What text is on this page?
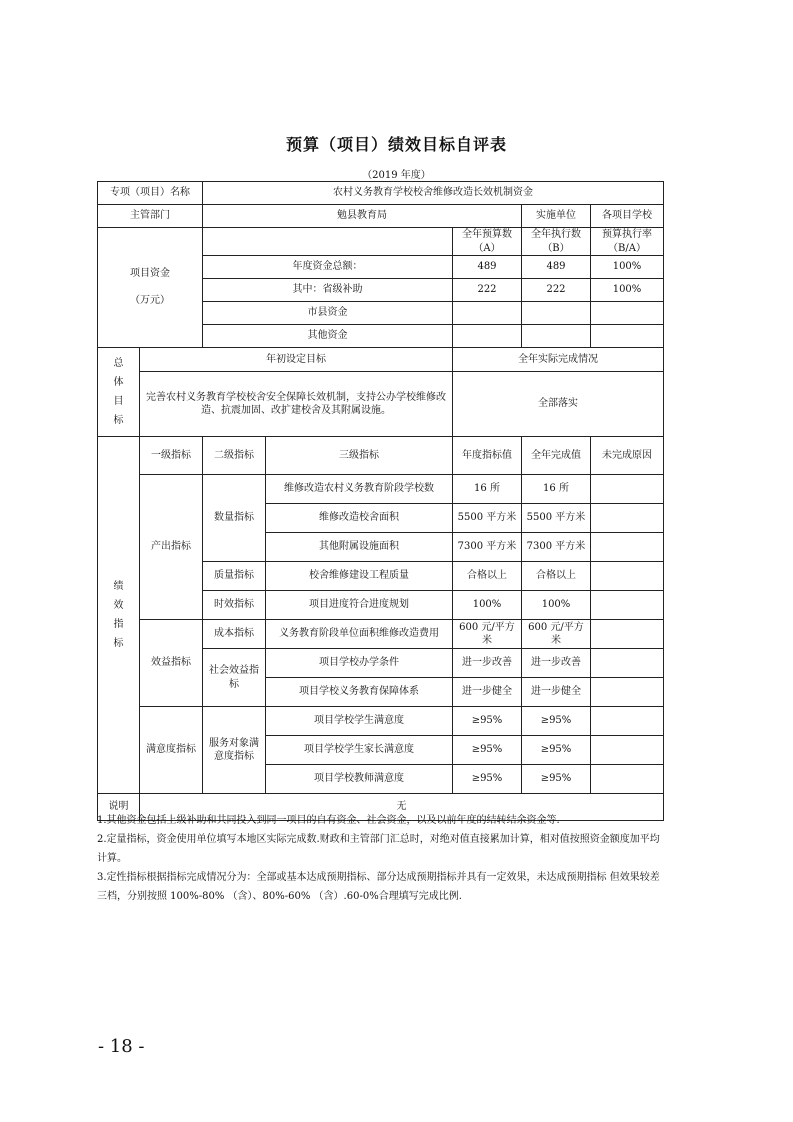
预算（项目）绩效目标自评表
（2019 年度）
专项（项目）名称		农村义务教育学校校舍维修改造长效机制资金				
主管部门		勉县教育局			实施单位	各项目学校
项目资金

（万元）				全年预算数（A）	全年执行数（B）	预算执行率（B/A）
		年度资金总额：		489	489	100%
		其中：省级补助		222	222	100%
		市县资金				
		其他资金				
总体目标	年初设定目标			全年实际完成情况		
	完善农村义务教育学校校舍安全保障长效机制，支持公办学校维修改造、抗震加固、改扩建校舍及其附属设施。			全部落实		
绩效指标	一级指标	二级指标	三级指标	年度指标值	全年完成值	未完成原因
	产出指标	数量指标	维修改造农村义务教育阶段学校数	16 所	16 所	
			维修改造校舍面积	5500 平方米	5500 平方米	
			其他附属设施面积	7300 平方米	7300 平方米	
		质量指标	校舍维修建设工程质量	合格以上	合格以上	
		时效指标	项目进度符合进度规划	100%	100%	
	效益指标	成本指标	义务教育阶段单位面积维修改造费用	600 元/平方米	600 元/平方米	
		社会效益指标	项目学校办学条件	进一步改善	进一步改善	
			项目学校义务教育保障体系	进一步健全	进一步健全	
	满意度指标	服务对象满意度指标	项目学校学生满意度	≥95%	≥95%	
			项目学校学生家长满意度	≥95%	≥95%	
			项目学校教师满意度	≥95%	≥95%	
说明	无					

1.其他资金包括上级补助和共同投入到同一项目的自有资金、社会资金，以及以前年度的结转结余资金等.

2.定量指标，资金使用单位填写本地区实际完成数.财政和主管部门汇总时，对绝对值直接累加计算，相对值按照资金额度加平均计算。

3.定性指标根据指标完成情况分为：全部或基本达成预期指标、部分达成预期指标并具有一定效果，未达成预期指标 但效果较差三档，分别按照 100%-80% （含）、80%-60% （含）.60-0%合理填写完成比例.

- 18 -
